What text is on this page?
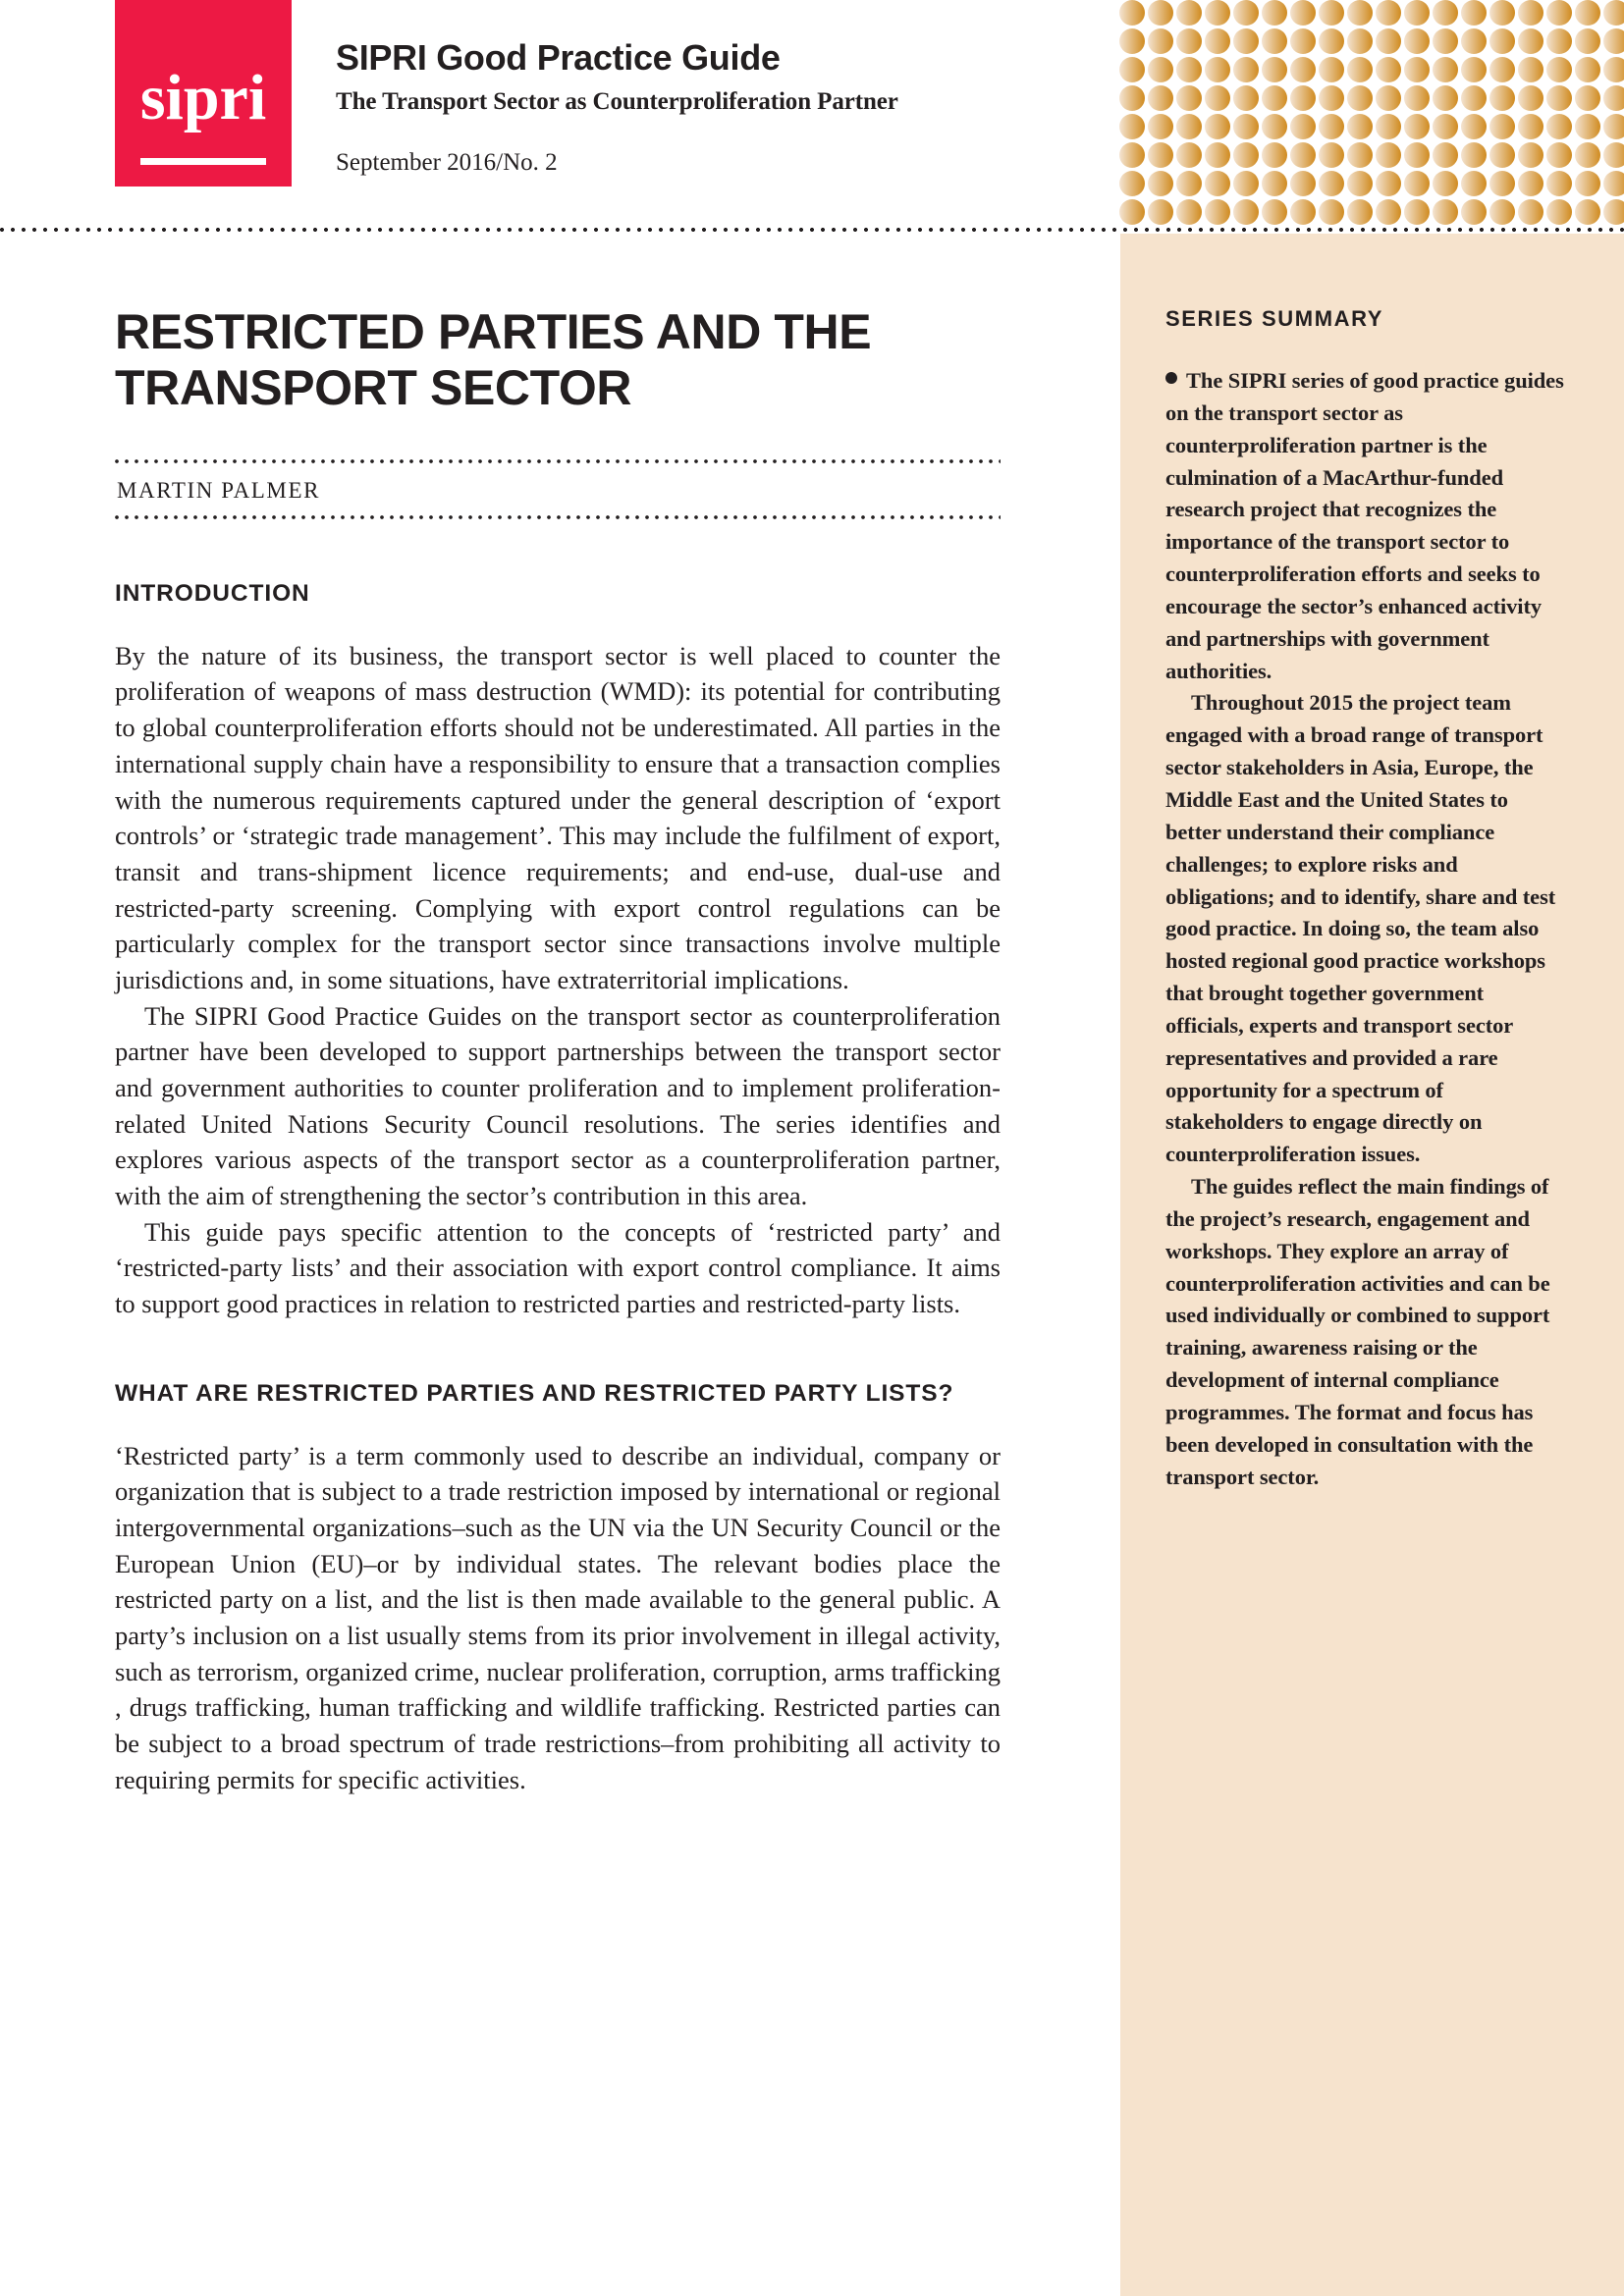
sipri
SIPRI Good Practice Guide
The Transport Sector as Counterproliferation Partner
September 2016/No. 2
SERIES SUMMARY

The SIPRI series of good practice guides on the transport sector as counterproliferation partner is the culmination of a MacArthur-funded research project that recognizes the importance of the transport sector to counterproliferation efforts and seeks to encourage the sector’s enhanced activity and partnerships with government authorities.

Throughout 2015 the project team engaged with a broad range of transport sector stakeholders in Asia, Europe, the Middle East and the United States to better understand their compliance challenges; to explore risks and obligations; and to identify, share and test good practice. In doing so, the team also hosted regional good practice workshops that brought together government officials, experts and transport sector representatives and provided a rare opportunity for a spectrum of stakeholders to engage directly on counterproliferation issues.

The guides reflect the main findings of the project’s research, engagement and workshops. They explore an array of counterproliferation activities and can be used individually or combined to support training, awareness raising or the development of internal compliance programmes. The format and focus has been developed in consultation with the transport sector.

RESTRICTED PARTIES AND THE TRANSPORT SECTOR
MARTIN PALMER
INTRODUCTION

By the nature of its business, the transport sector is well placed to counter the proliferation of weapons of mass destruction (WMD): its potential for contributing to global counterproliferation efforts should not be underestimated. All parties in the international supply chain have a responsibility to ensure that a transaction complies with the numerous requirements captured under the general description of ‘export controls’ or ‘strategic trade management’. This may include the fulfilment of export, transit and trans-shipment licence requirements; and end-use, dual-use and restricted-party screening. Complying with export control regulations can be particularly complex for the transport sector since transactions involve multiple jurisdictions and, in some situations, have extraterritorial implications.

The SIPRI Good Practice Guides on the transport sector as counterproliferation partner have been developed to support partnerships between the transport sector and government authorities to counter proliferation and to implement proliferation-related United Nations Security Council resolutions. The series identifies and explores various aspects of the transport sector as a counterproliferation partner, with the aim of strengthening the sector’s contribution in this area.

This guide pays specific attention to the concepts of ‘restricted party’ and ‘restricted-party lists’ and their association with export control compliance. It aims to support good practices in relation to restricted parties and restricted-party lists.

WHAT ARE RESTRICTED PARTIES AND RESTRICTED PARTY LISTS?

‘Restricted party’ is a term commonly used to describe an individual, company or organization that is subject to a trade restriction imposed by international or regional intergovernmental organizations–such as the UN via the UN Security Council or the European Union (EU)–or by individual states. The relevant bodies place the restricted party on a list, and the list is then made available to the general public. A party’s inclusion on a list usually stems from its prior involvement in illegal activity, such as terrorism, organized crime, nuclear proliferation, corruption, arms trafficking , drugs trafficking, human trafficking and wildlife trafficking. Restricted parties can be subject to a broad spectrum of trade restrictions–from prohibiting all activity to requiring permits for specific activities.
